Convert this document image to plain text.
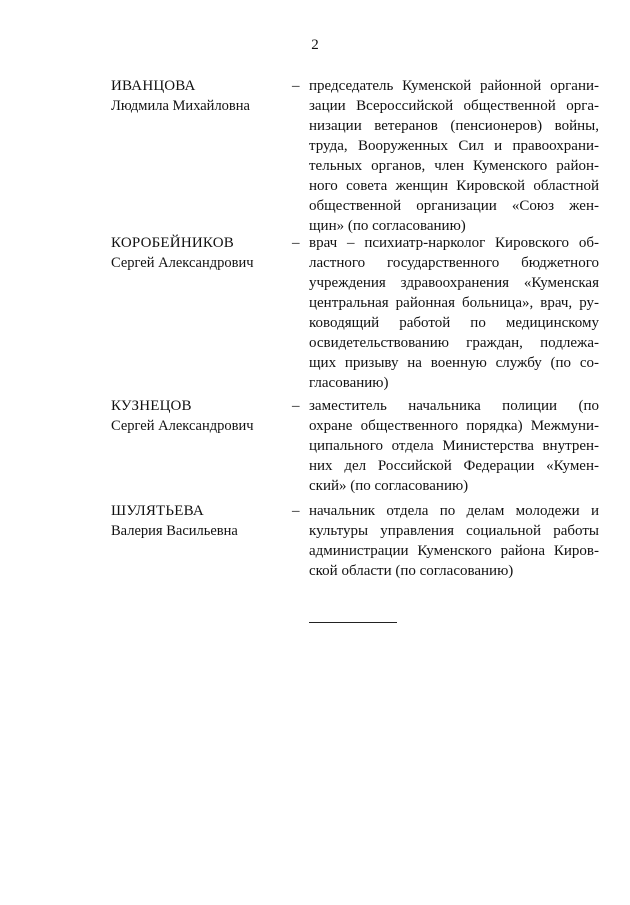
2
ИВАНЦОВА
Людмила Михайловна
– председатель Куменской районной органи-
зации Всероссийской общественной орга-
низации ветеранов (пенсионеров) войны,
труда, Вооруженных Сил и правоохрани-
тельных органов, член Куменского район-
ного совета женщин Кировской областной
общественной организации «Союз жен-
щин» (по согласованию)
КОРОБЕЙНИКОВ
Сергей Александрович
– врач – психиатр-нарколог Кировского об-
ластного государственного бюджетного
учреждения здравоохранения «Куменская
центральная районная больница», врач, ру-
ководящий работой по медицинскому
освидетельствованию граждан, подлежа-
щих призыву на военную службу (по со-
гласованию)
КУЗНЕЦОВ
Сергей Александрович
– заместитель начальника полиции (по
охране общественного порядка) Межмуни-
ципального отдела Министерства внутрен-
них дел Российской Федерации «Кумен-
ский» (по согласованию)
ШУЛЯТЬЕВА
Валерия Васильевна
– начальник отдела по делам молодежи и
культуры управления социальной работы
администрации Куменского района Киров-
ской области (по согласованию)
